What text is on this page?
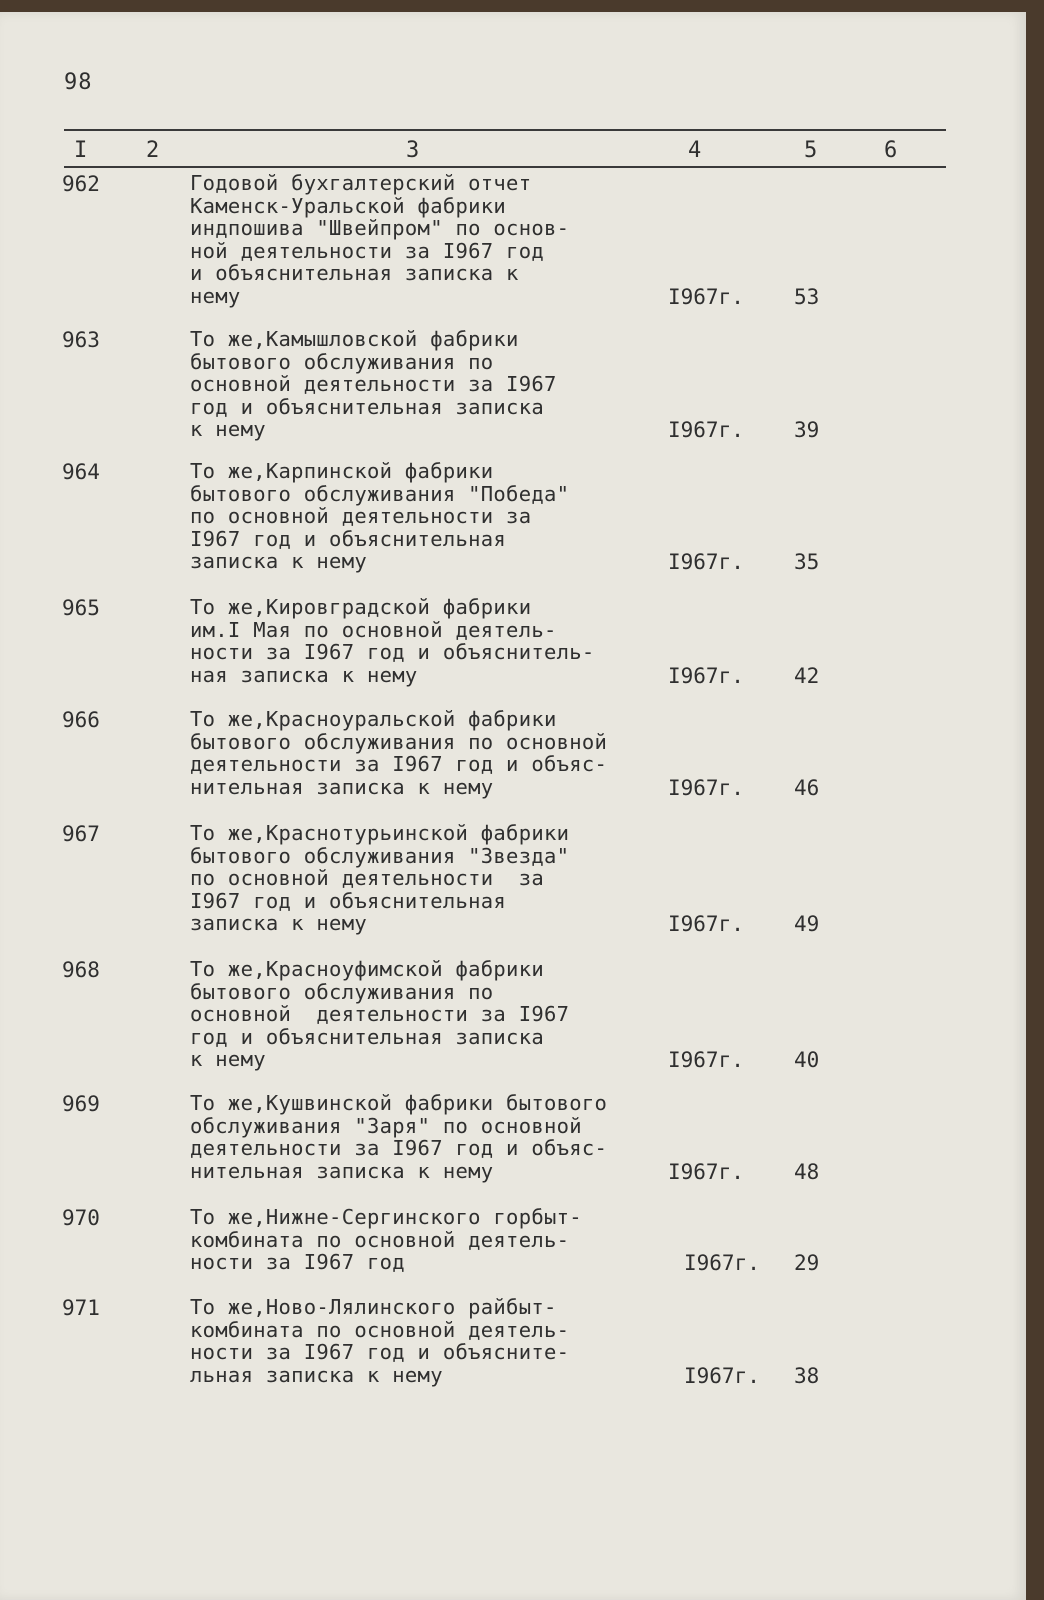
98
I	2	3	4	5	6
962	Годовой бухгалтерский отчет
Каменск-Уральской фабрики
индпошива "Швейпром" по основ-
ной деятельности за I967 год
и объяснительная записка к
нему	I967г. 53
963	То же,Камышловской фабрики
бытового обслуживания по
основной деятельности за I967
год и объяснительная записка
к нему	I967г. 39
964	То же,Карпинской фабрики
бытового обслуживания "Победа"
по основной деятельности за
I967 год и объяснительная
записка к нему	I967г. 35
965	То же,Кировградской фабрики
им.I Мая по основной деятель-
ности за I967 год и объяснитель-
ная записка к нему	I967г. 42
966	То же,Красноуральской фабрики
бытового обслуживания по основной
деятельности за I967 год и объяс-
нительная записка к нему	I967г. 46
967	То же,Краснотурьинской фабрики
бытового обслуживания "Звезда"
по основной деятельности  за
I967 год и объяснительная
записка к нему	I967г. 49
968	То же,Красноуфимской фабрики
бытового обслуживания по
основной  деятельности за I967
год и объяснительная записка
к нему	I967г. 40
969	То же,Кушвинской фабрики бытового
обслуживания "Заря" по основной
деятельности за I967 год и объяс-
нительная записка к нему	I967г. 48
970	То же,Нижне-Сергинского горбыт-
комбината по основной деятель-
ности за I967 год	I967г. 29
971	То же,Ново-Лялинского райбыт-
комбината по основной деятель-
ности за I967 год и объясните-
льная записка к нему	I967г. 38
